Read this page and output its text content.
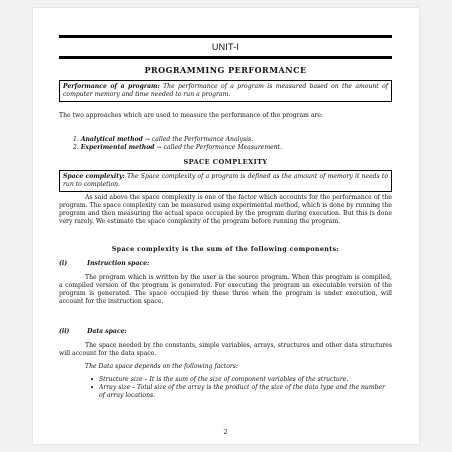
UNIT-I
PROGRAMMING PERFORMANCE
Performance of a program: The performance of a program is measured based on the amount of computer memory and time needed to run a program.
The two approaches which are used to measure the performance of the program are:
1. Analytical method → called the Performance Analysis.
2. Experimental method → called the Performance Measurement.
SPACE COMPLEXITY
Space complexity: The Space complexity of a program is defined as the amount of memory it needs to run to completion.
As said above the space complexity is one of the factor which accounts for the performance of the program. The space complexity can be measured using experimental method, which is done by running the program and then measuring the actual space occupied by the program during execution. But this is done very rarely. We estimate the space complexity of the program before running the program.
Space complexity is the sum of the following components:
(i)	Instruction space:
The program which is written by the user is the source program. When this program is compiled, a compiled version of the program is generated. For executing the program an executable version of the program is generated. The space occupied by these three when the program is under execution, will account for the instruction space.
(ii)	Data space:
The space needed by the constants, simple variables, arrays, structures and other data structures will account for the data space.
The Data space depends on the following factors:
• Structure size – It is the sum of the size of component variables of the structure.
• Array size – Total size of the array is the product of the size of the data type and the number of array locations.
2
